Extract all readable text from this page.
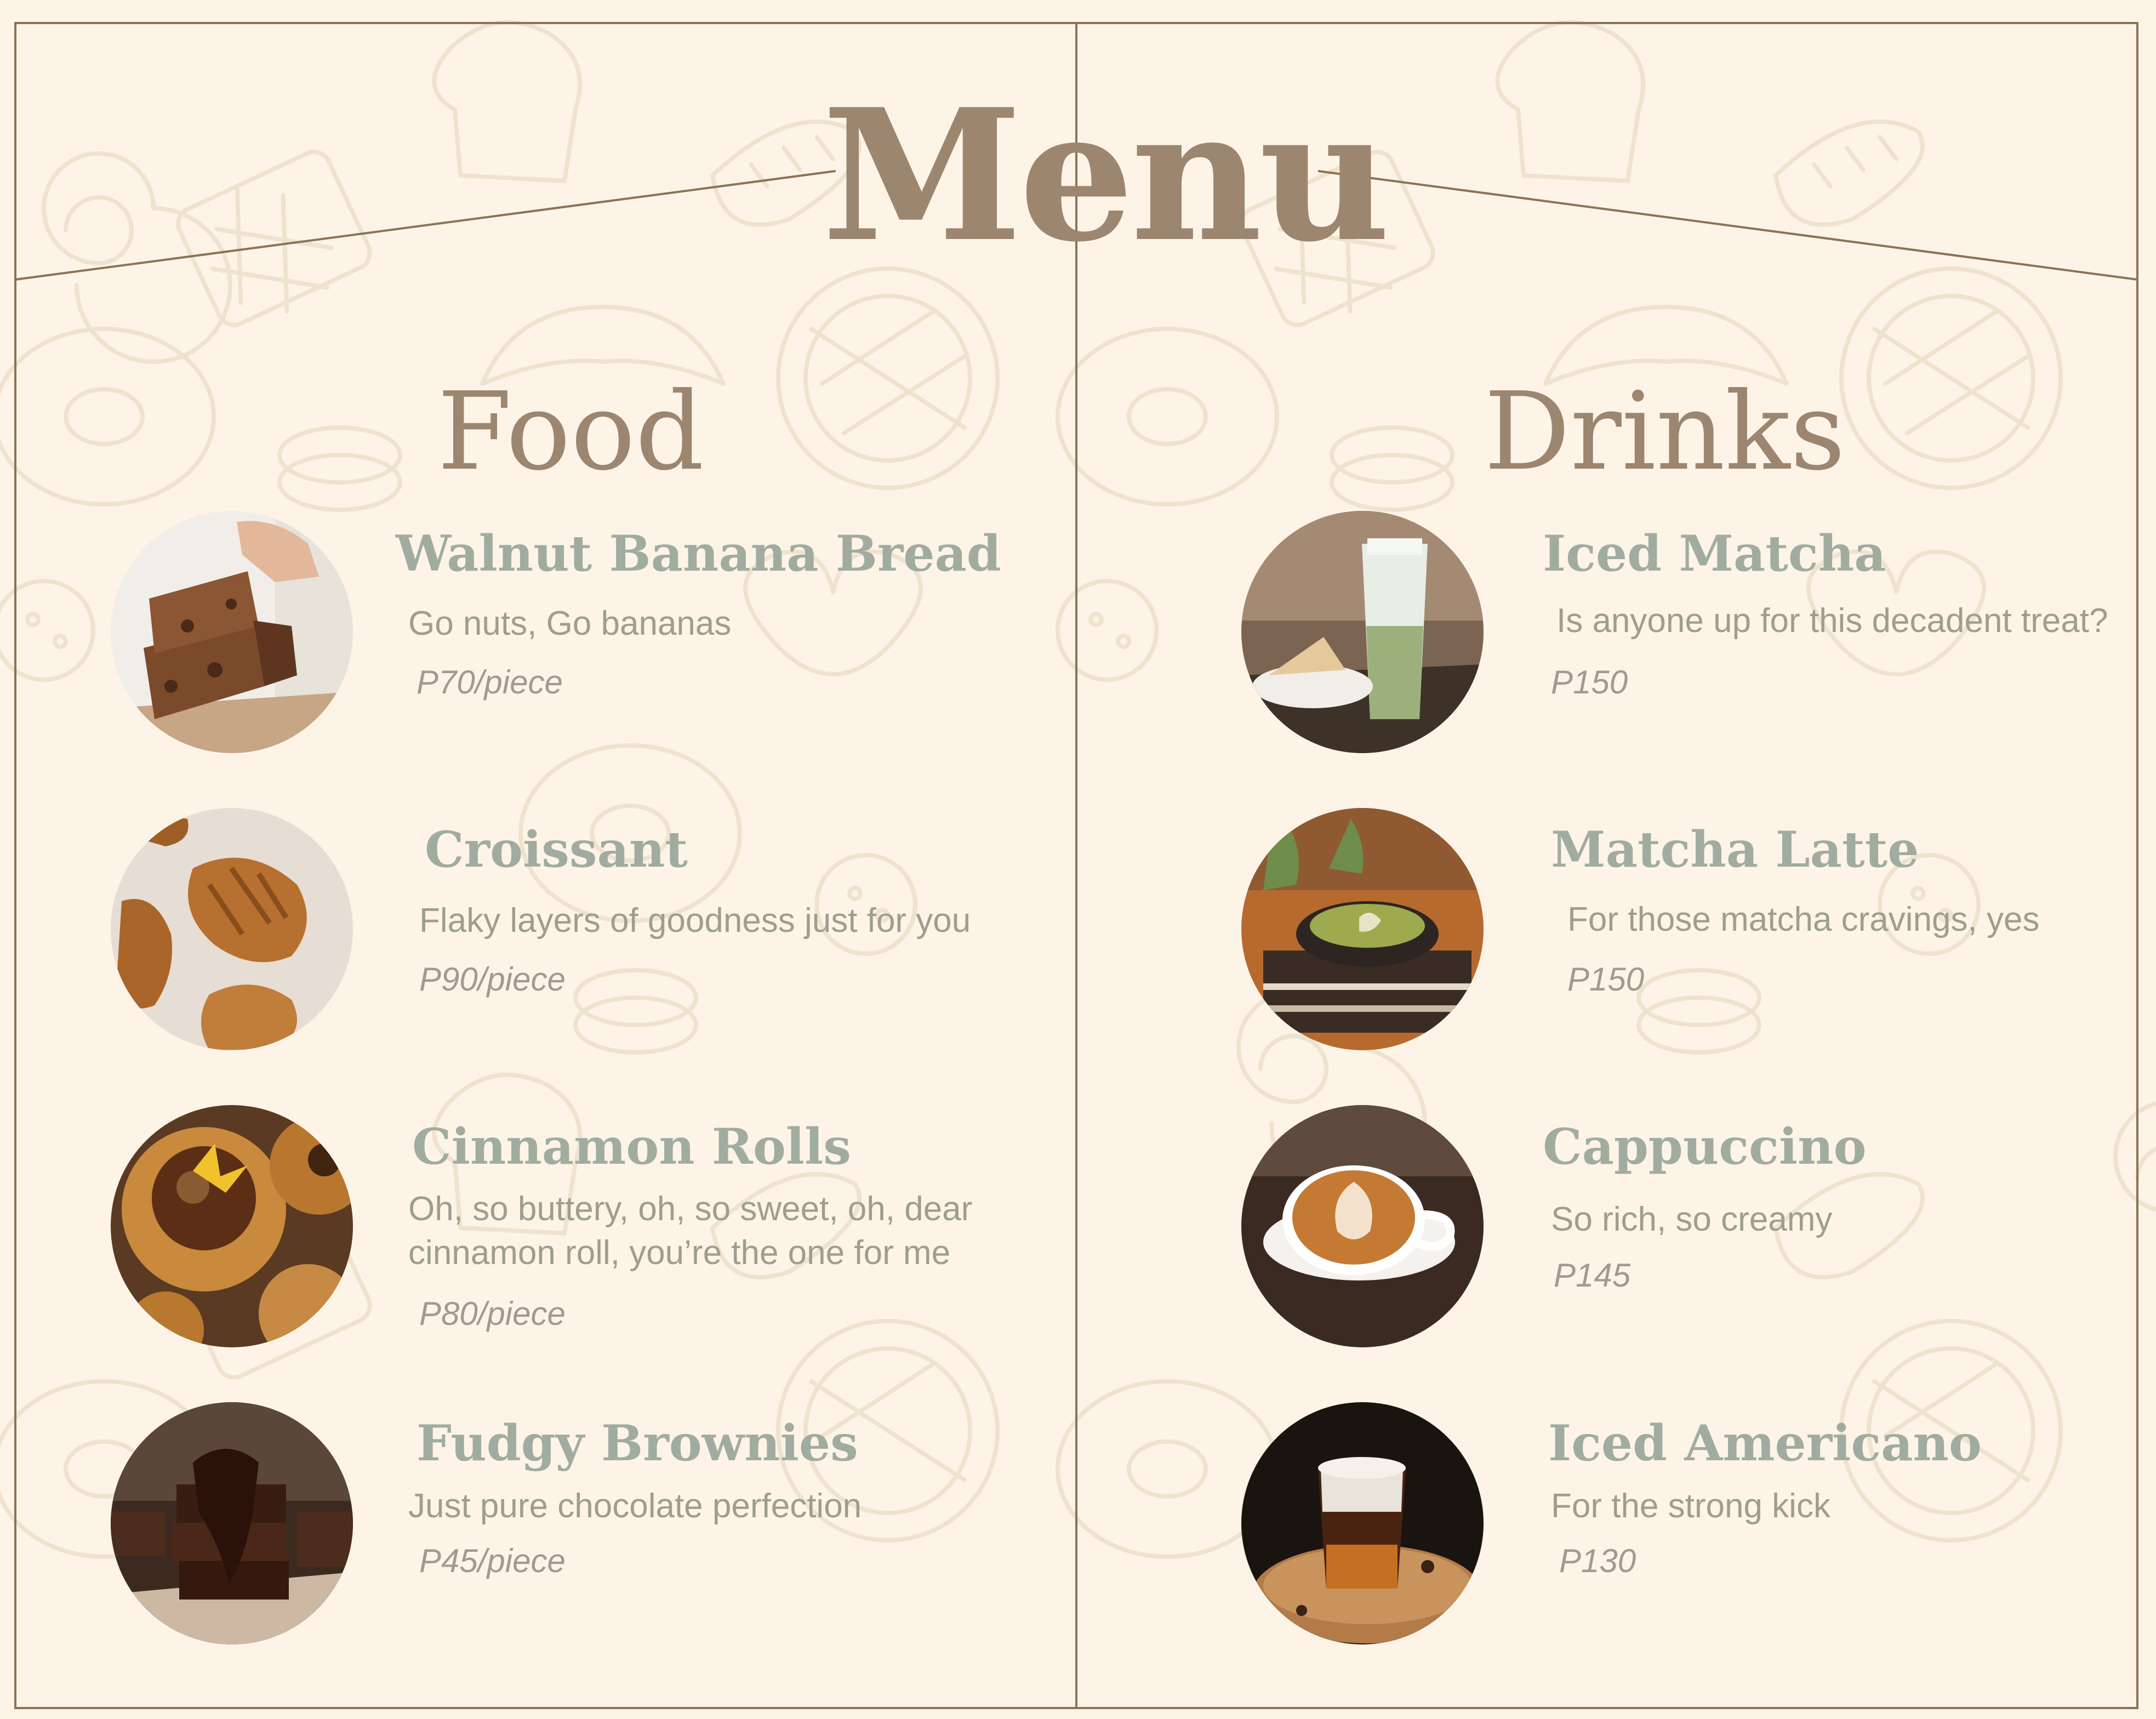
Menu
Food	Drinks
Walnut Banana Bread
Go nuts, Go bananas
P70/piece
Croissant
Flaky layers of goodness just for you
P90/piece
Cinnamon Rolls
Oh, so buttery, oh, so sweet, oh, dear
cinnamon roll, you’re the one for me
P80/piece
Fudgy Brownies
Just pure chocolate perfection
P45/piece
Iced Matcha
Is anyone up for this decadent treat?
P150
Matcha Latte
For those matcha cravings, yes
P150
Cappuccino
So rich, so creamy
P145
Iced Americano
For the strong kick
P130
